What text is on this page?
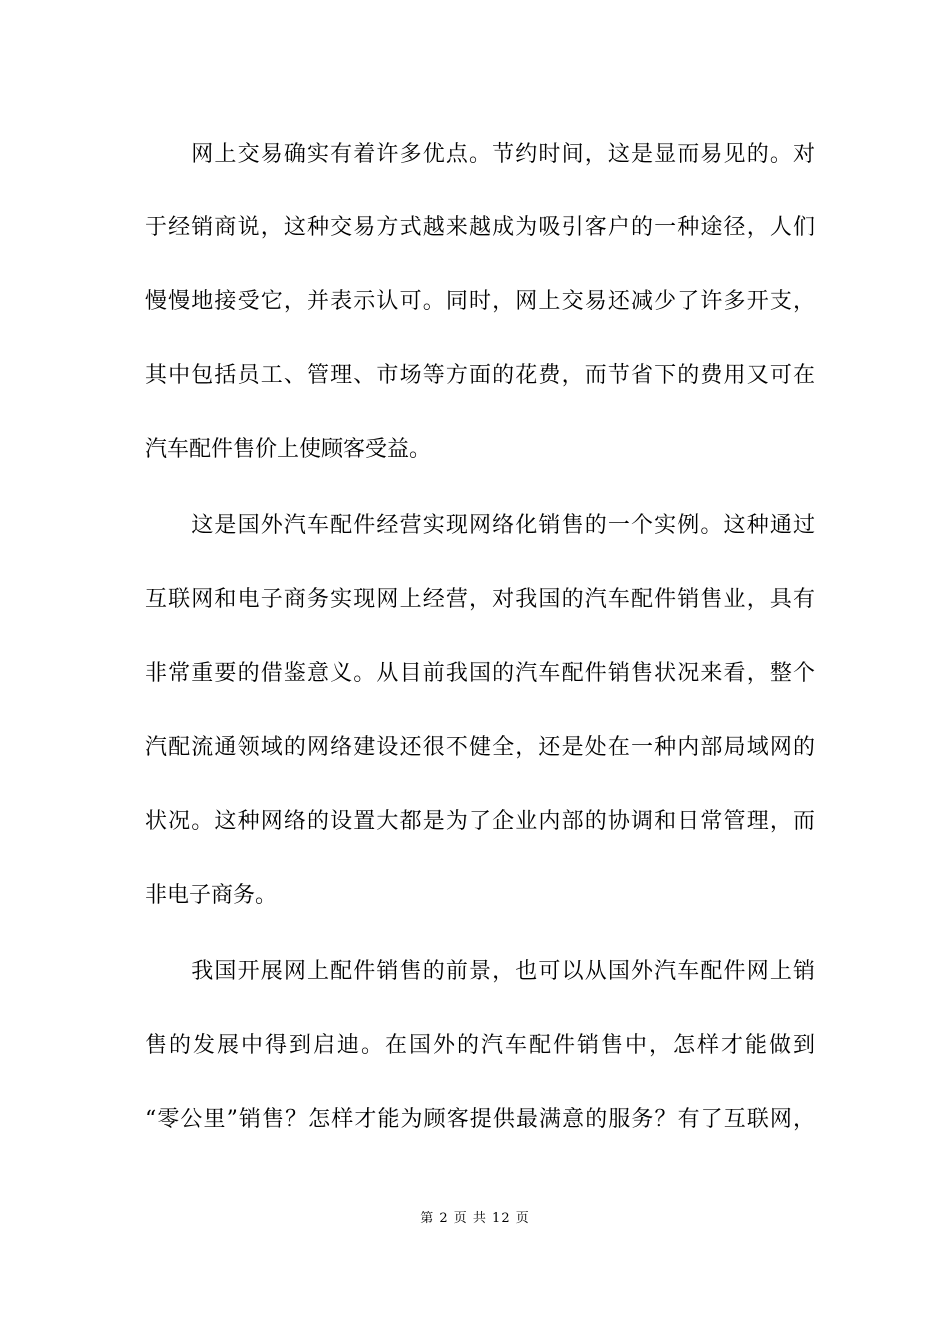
　　网上交易确实有着许多优点。节约时间，这是显而易见的。对
于经销商说，这种交易方式越来越成为吸引客户的一种途径，人们
慢慢地接受它，并表示认可。同时，网上交易还减少了许多开支，
其中包括员工、管理、市场等方面的花费，而节省下的费用又可在
汽车配件售价上使顾客受益。
　　这是国外汽车配件经营实现网络化销售的一个实例。这种通过
互联网和电子商务实现网上经营，对我国的汽车配件销售业，具有
非常重要的借鉴意义。从目前我国的汽车配件销售状况来看，整个
汽配流通领域的网络建设还很不健全，还是处在一种内部局域网的
状况。这种网络的设置大都是为了企业内部的协调和日常管理，而
非电子商务。
　　我国开展网上配件销售的前景，也可以从国外汽车配件网上销
售的发展中得到启迪。在国外的汽车配件销售中，怎样才能做到
“零公里”销售？怎样才能为顾客提供最满意的服务？有了互联网，
第 2 页 共 12 页
